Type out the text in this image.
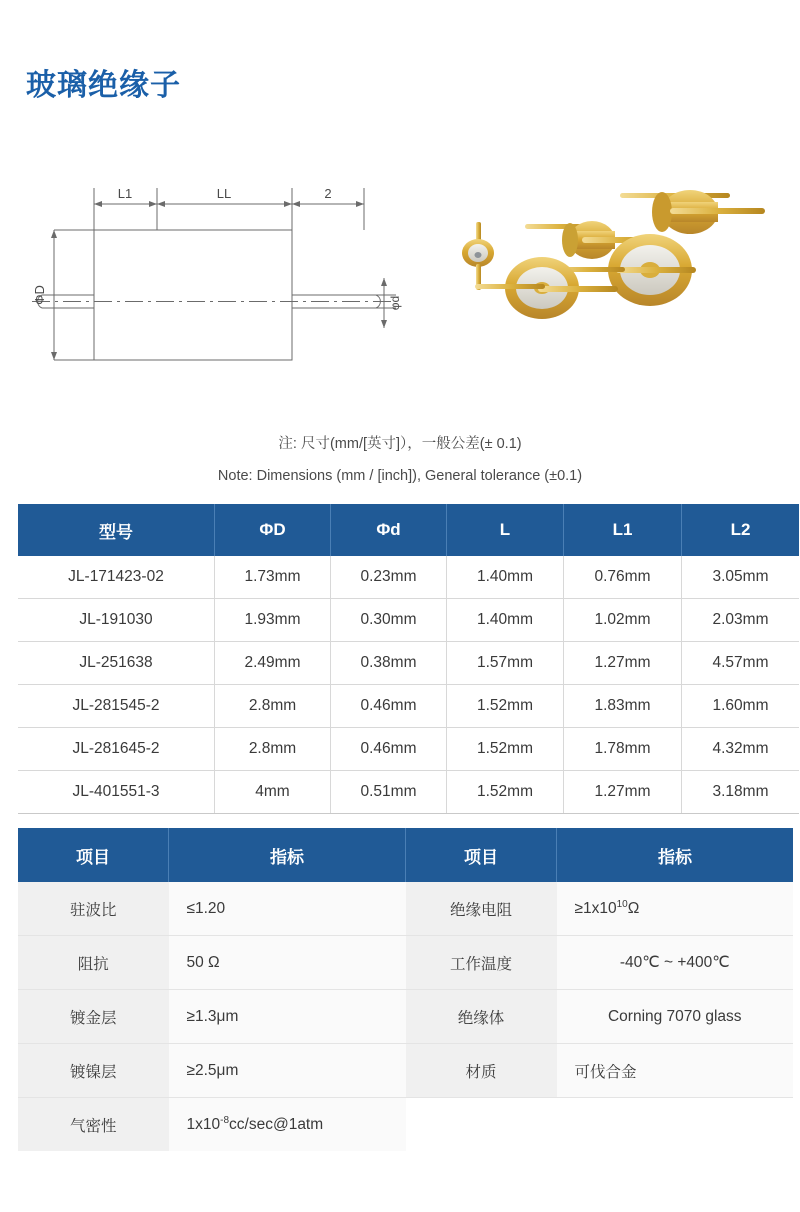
玻璃绝缘子
L1	LL	2
ΦD	φd
注: 尺寸(mm/[英寸]），一般公差(± 0.1)
Note: Dimensions (mm / [inch]), General tolerance (±0.1)
型号	ΦD	Φd	L	L1	L2
JL-171423-02	1.73mm	0.23mm	1.40mm	0.76mm	3.05mm
JL-191030	1.93mm	0.30mm	1.40mm	1.02mm	2.03mm
JL-251638	2.49mm	0.38mm	1.57mm	1.27mm	4.57mm
JL-281545-2	2.8mm	0.46mm	1.52mm	1.83mm	1.60mm
JL-281645-2	2.8mm	0.46mm	1.52mm	1.78mm	4.32mm
JL-401551-3	4mm	0.51mm	1.52mm	1.27mm	3.18mm
项目	指标	项目	指标
驻波比	≤1.20	绝缘电阻	$\ge 1x10^{10}\Omega$
阻抗	50 Ω	工作温度	-40℃ ~ +400℃
镀金层	≥1.3μm	绝缘体	Corning 7070 glass
镀镍层	≥2.5μm	材质	可伐合金
气密性	$1x10^{-8}cc/\sec@1atm$		
